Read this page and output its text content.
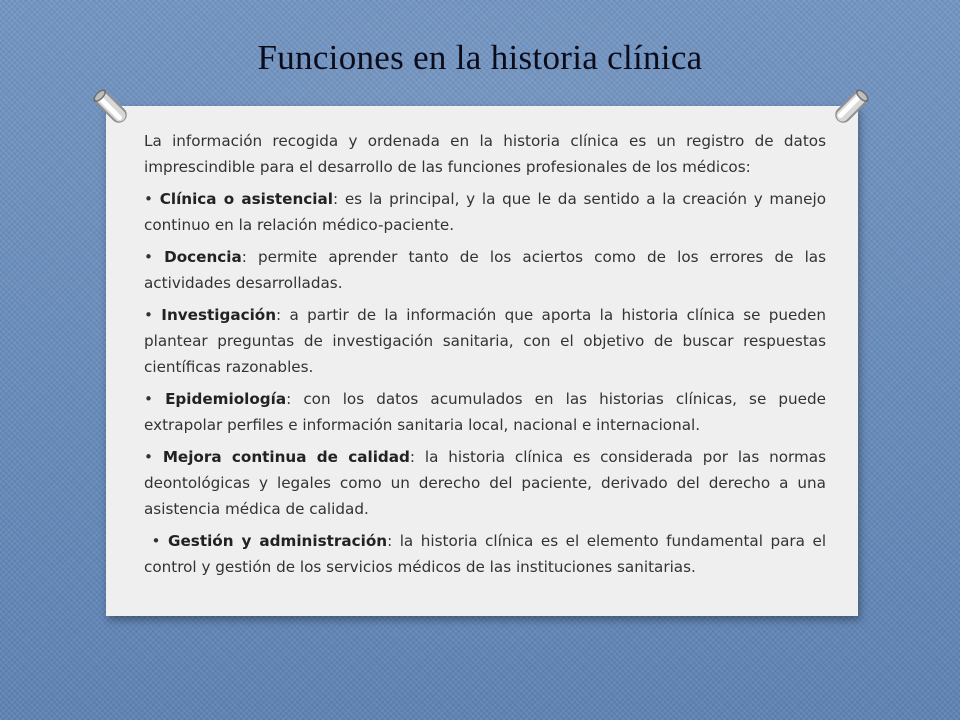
Funciones en la historia clínica

La información recogida y ordenada en la historia clínica es un registro de datos imprescindible para el desarrollo de las funciones profesionales de los médicos:

• Clínica o asistencial: es la principal, y la que le da sentido a la creación y manejo continuo en la relación médico-paciente.

• Docencia: permite aprender tanto de los aciertos como de los errores de las actividades desarrolladas.

• Investigación: a partir de la información que aporta la historia clínica se pueden plantear preguntas de investigación sanitaria, con el objetivo de buscar respuestas científicas razonables.

• Epidemiología: con los datos acumulados en las historias clínicas, se puede extrapolar perfiles e información sanitaria local, nacional e internacional.

• Mejora continua de calidad: la historia clínica es considerada por las normas deontológicas y legales como un derecho del paciente, derivado del derecho a una asistencia médica de calidad.

• Gestión y administración: la historia clínica es el elemento fundamental para el control y gestión de los servicios médicos de las instituciones sanitarias.
